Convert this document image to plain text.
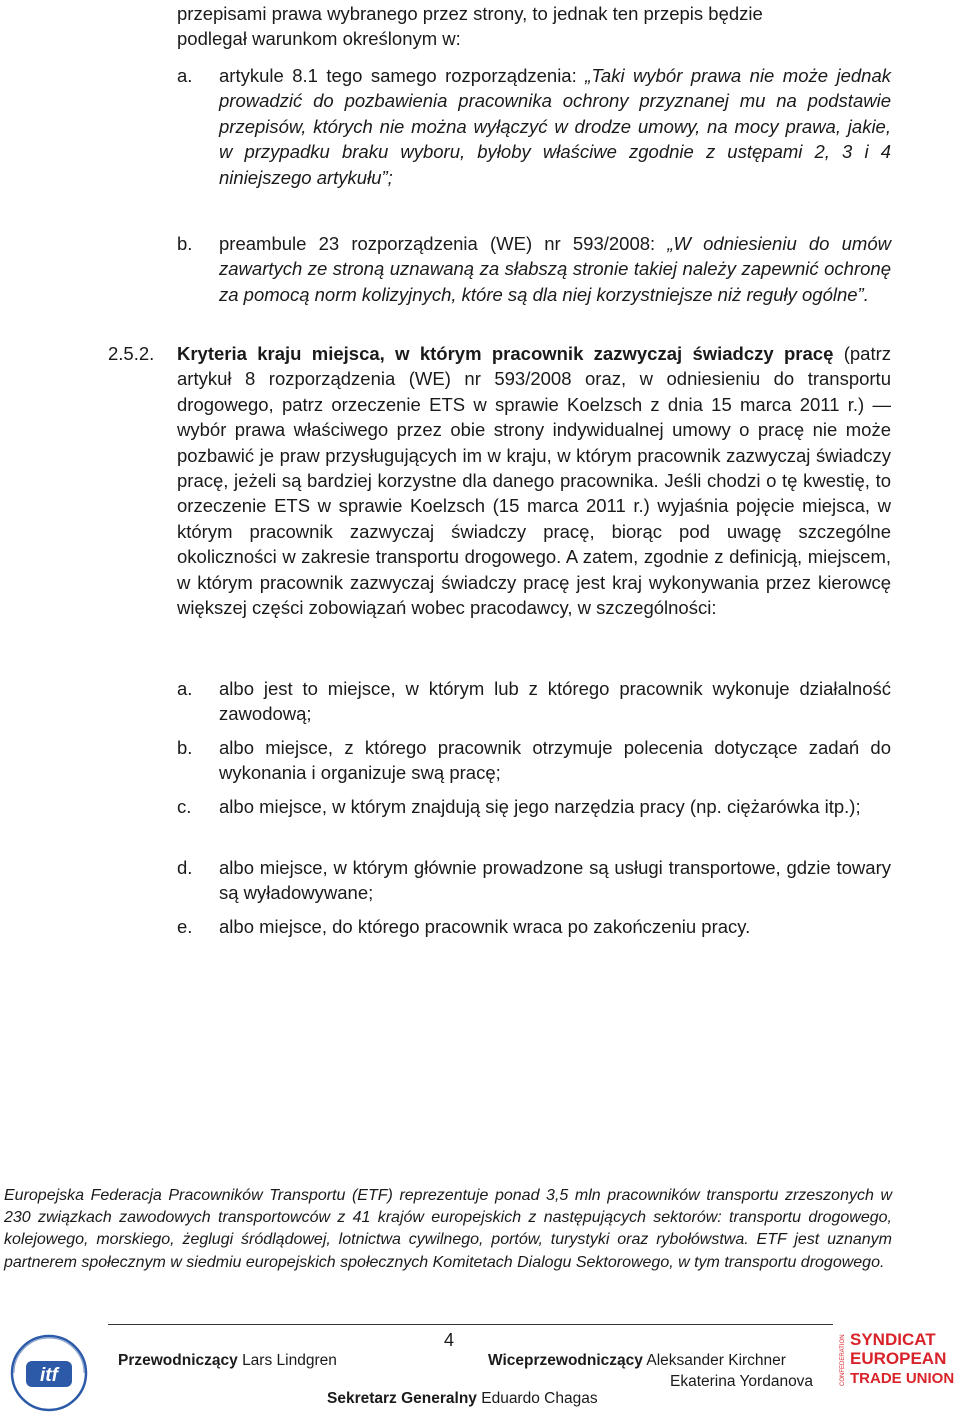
przepisami prawa wybranego przez strony, to jednak ten przepis będzie

podlegał warunkom określonym w:

a. artykule 8.1 tego samego rozporządzenia: „Taki wybór prawa nie może jednak prowadzić do pozbawienia pracownika ochrony przyznanej mu na podstawie przepisów, których nie można wyłączyć w drodze umowy, na mocy prawa, jakie, w przypadku braku wyboru, byłoby właściwe zgodnie z ustępami 2, 3 i 4 niniejszego artykułu”;

b. preambule 23 rozporządzenia (WE) nr 593/2008: „W odniesieniu do umów zawartych ze stroną uznawaną za słabszą stronie takiej należy zapewnić ochronę za pomocą norm kolizyjnych, które są dla niej korzystniejsze niż reguły ogólne”.

2.5.2. Kryteria kraju miejsca, w którym pracownik zazwyczaj świadczy pracę (patrz artykuł 8 rozporządzenia (WE) nr 593/2008 oraz, w odniesieniu do transportu drogowego, patrz orzeczenie ETS w sprawie Koelzsch z dnia 15 marca 2011 r.) — wybór prawa właściwego przez obie strony indywidualnej umowy o pracę nie może pozbawić je praw przysługujących im w kraju, w którym pracownik zazwyczaj świadczy pracę, jeżeli są bardziej korzystne dla danego pracownika. Jeśli chodzi o tę kwestię, to orzeczenie ETS w sprawie Koelzsch (15 marca 2011 r.) wyjaśnia pojęcie miejsca, w którym pracownik zazwyczaj świadczy pracę, biorąc pod uwagę szczególne okoliczności w zakresie transportu drogowego. A zatem, zgodnie z definicją, miejscem, w którym pracownik zazwyczaj świadczy pracę jest kraj wykonywania przez kierowcę większej części zobowiązań wobec pracodawcy, w szczególności:

a. albo jest to miejsce, w którym lub z którego pracownik wykonuje działalność zawodową;

b. albo miejsce, z którego pracownik otrzymuje polecenia dotyczące zadań do wykonania i organizuje swą pracę;

c. albo miejsce, w którym znajdują się jego narzędzia pracy (np. ciężarówka itp.);

d. albo miejsce, w którym głównie prowadzone są usługi transportowe, gdzie towary są wyładowywane;

e. albo miejsce, do którego pracownik wraca po zakończeniu pracy.

Europejska Federacja Pracowników Transportu (ETF) reprezentuje ponad 3,5 mln pracowników transportu zrzeszonych w 230 związkach zawodowych transportowców z 41 krajów europejskich z następujących sektorów: transportu drogowego, kolejowego, morskiego, żeglugi śródlądowej, lotnictwa cywilnego, portów, turystyki oraz rybołówstwa. ETF jest uznanym partnerem społecznym w siedmiu europejskich społecznych Komitetach Dialogu Sektorowego, w tym transportu drogowego.

4
itf
Przewodniczący Lars Lindgren	Wiceprzewodniczący Aleksander Kirchner
Ekaterina Yordanova
Sekretarz Generalny Eduardo Chagas
CONFEDERATION SYNDICAT
EUROPEAN
TRADE UNION
